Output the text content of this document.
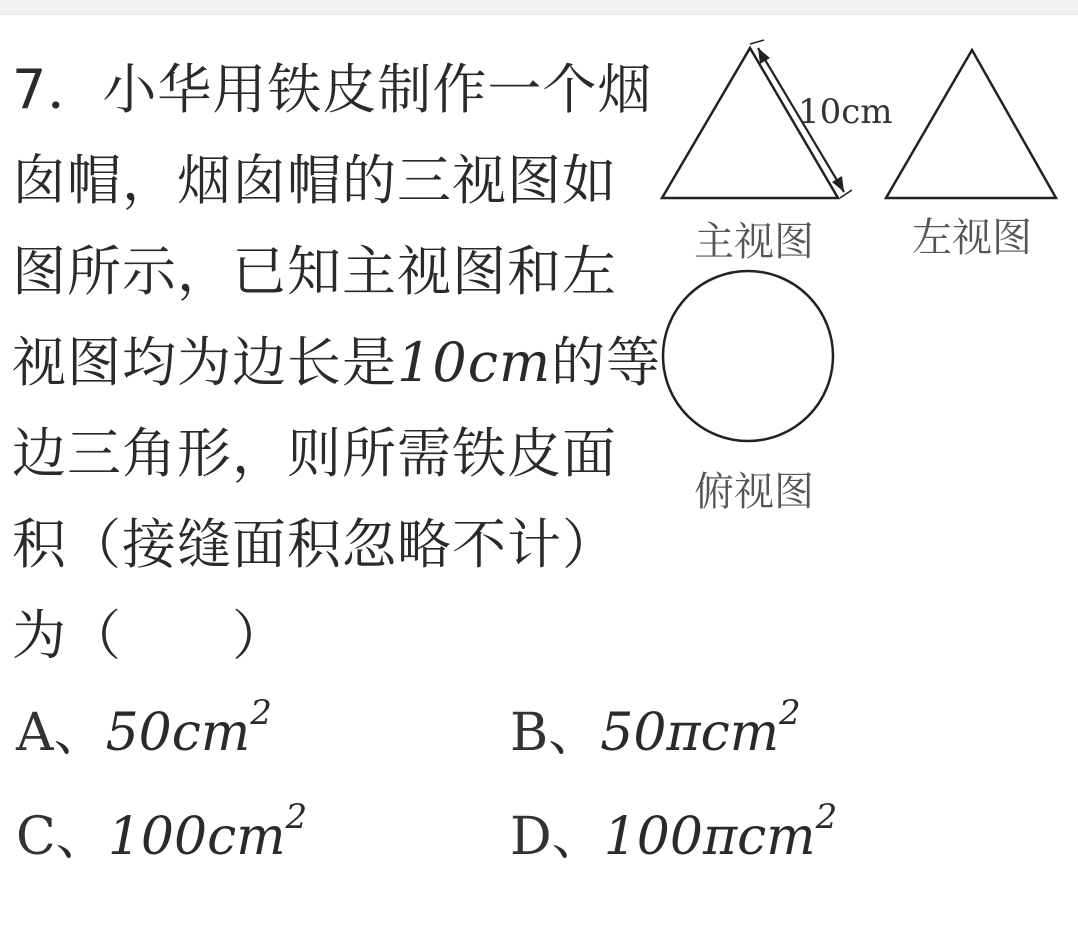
7．小华用铁皮制作一个烟
囱帽，烟囱帽的三视图如
图所示，已知主视图和左
视图均为边长是10cm的等
边三角形，则所需铁皮面
积（接缝面积忽略不计）
为（　　）
10cm
主视图 左视图
俯视图
A、$50cm^2$	B、50πcm$^2$
C、$100cm^2$	D、100πcm$^2$
